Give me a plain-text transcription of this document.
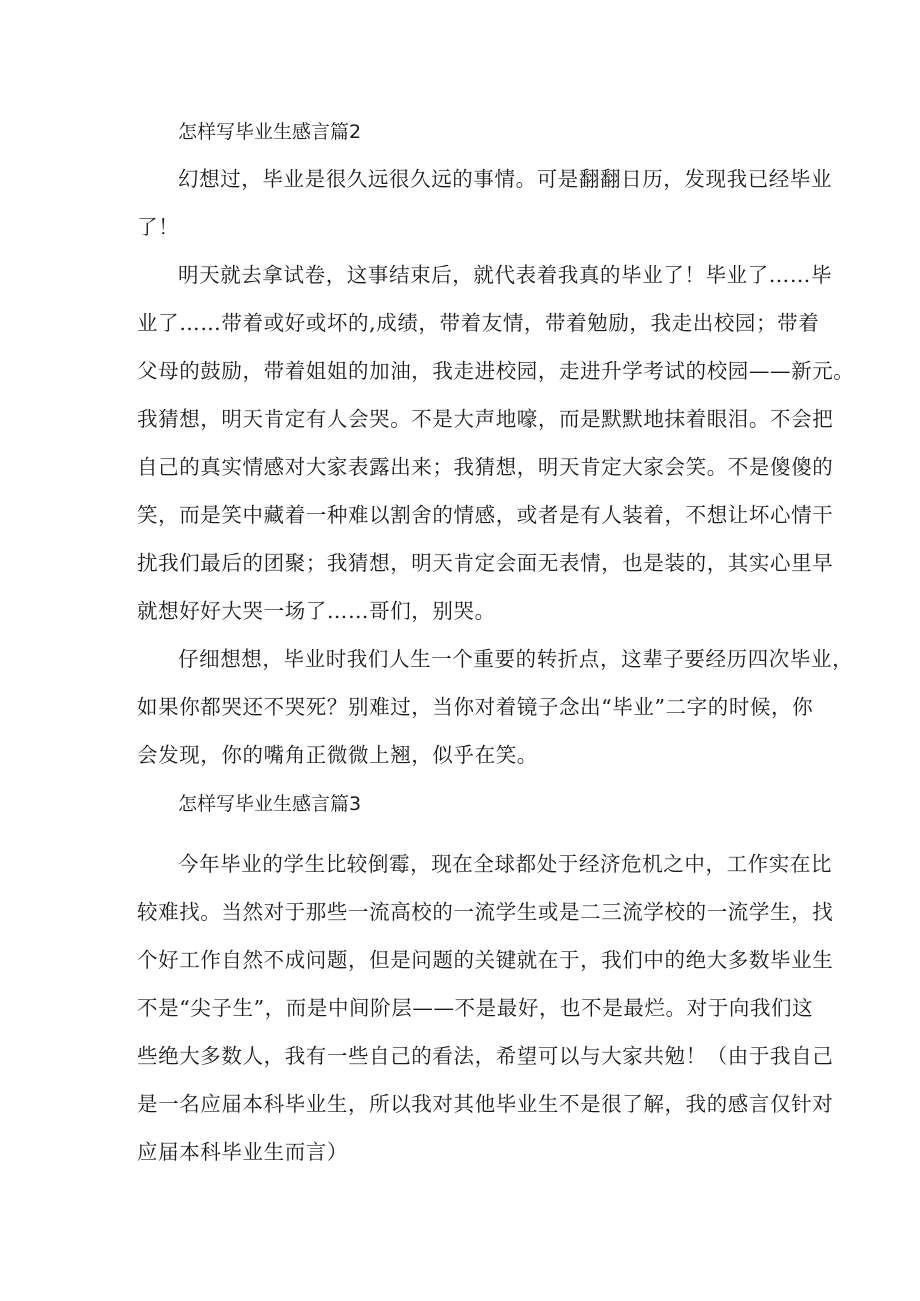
怎样写毕业生感言篇2
幻想过，毕业是很久远很久远的事情。可是翻翻日历，发现我已经毕业
了！
明天就去拿试卷，这事结束后，就代表着我真的毕业了！毕业了……毕
业了……带着或好或坏的,成绩，带着友情，带着勉励，我走出校园；带着
父母的鼓励，带着姐姐的加油，我走进校园，走进升学考试的校园——新元。
我猜想，明天肯定有人会哭。不是大声地嚎，而是默默地抹着眼泪。不会把
自己的真实情感对大家表露出来；我猜想，明天肯定大家会笑。不是傻傻的
笑，而是笑中藏着一种难以割舍的情感，或者是有人装着，不想让坏心情干
扰我们最后的团聚；我猜想，明天肯定会面无表情，也是装的，其实心里早
就想好好大哭一场了……哥们，别哭。
仔细想想，毕业时我们人生一个重要的转折点，这辈子要经历四次毕业，
如果你都哭还不哭死？别难过，当你对着镜子念出“毕业”二字的时候，你
会发现，你的嘴角正微微上翘，似乎在笑。
怎样写毕业生感言篇3
今年毕业的学生比较倒霉，现在全球都处于经济危机之中，工作实在比
较难找。当然对于那些一流高校的一流学生或是二三流学校的一流学生，找
个好工作自然不成问题，但是问题的关键就在于，我们中的绝大多数毕业生
不是“尖子生”，而是中间阶层——不是最好，也不是最烂。对于向我们这
些绝大多数人，我有一些自己的看法，希望可以与大家共勉！（由于我自己
是一名应届本科毕业生，所以我对其他毕业生不是很了解，我的感言仅针对
应届本科毕业生而言）
